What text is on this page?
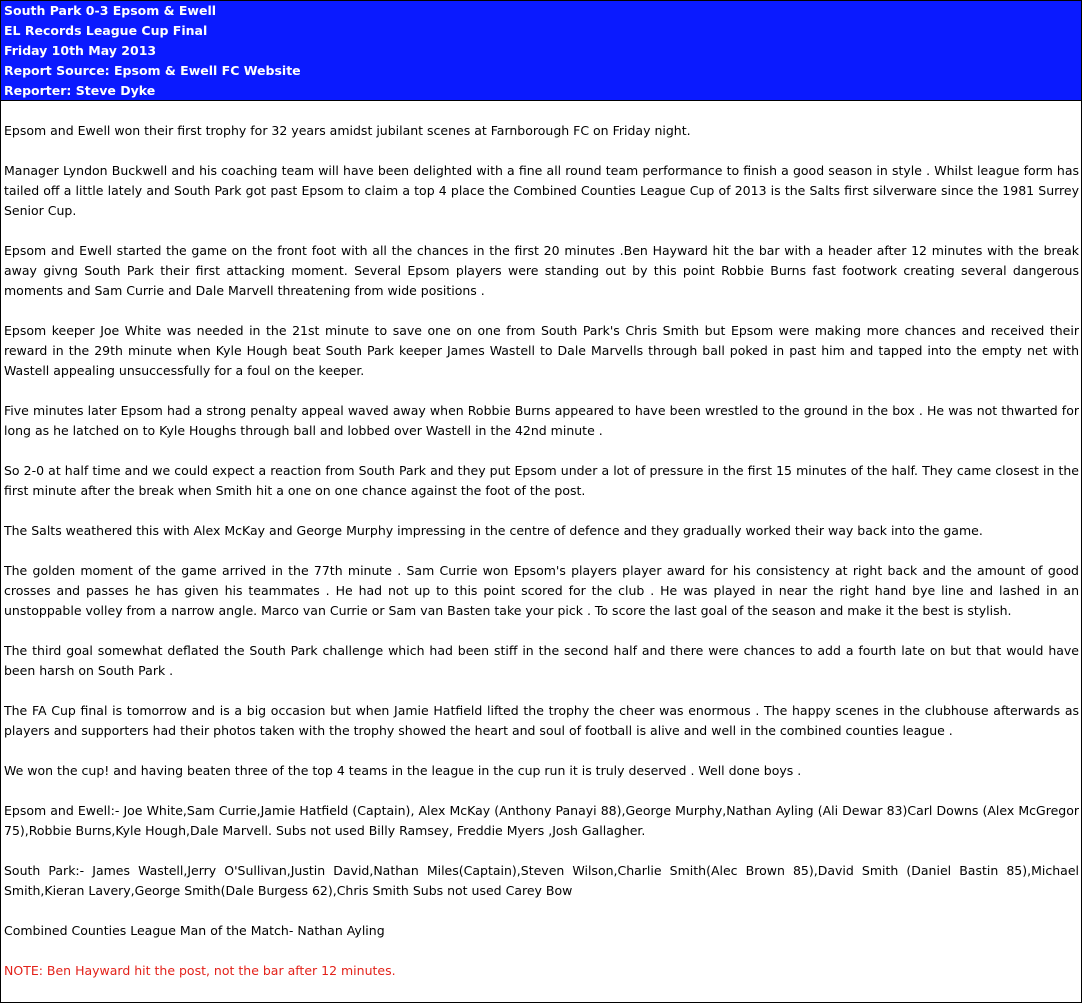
South Park 0-3 Epsom & Ewell
EL Records League Cup Final
Friday 10th May 2013
Report Source: Epsom & Ewell FC Website
Reporter: Steve Dyke

Epsom and Ewell won their first trophy for 32 years amidst jubilant scenes at Farnborough FC on Friday night.

Manager Lyndon Buckwell and his coaching team will have been delighted with a fine all round team performance to finish a good season in style . Whilst league form has tailed off a little lately and South Park got past Epsom to claim a top 4 place the Combined Counties League Cup of 2013 is the Salts first silverware since the 1981 Surrey Senior Cup.

Epsom and Ewell started the game on the front foot with all the chances in the first 20 minutes .Ben Hayward hit the bar with a header after 12 minutes with the break away givng South Park their first attacking moment. Several Epsom players were standing out by this point Robbie Burns fast footwork creating several dangerous moments and Sam Currie and Dale Marvell threatening from wide positions .

Epsom keeper Joe White was needed in the 21st minute to save one on one from South Park's Chris Smith but Epsom were making more chances and received their reward in the 29th minute when Kyle Hough beat South Park keeper James Wastell to Dale Marvells through ball poked in past him and tapped into the empty net with Wastell appealing unsuccessfully for a foul on the keeper.

Five minutes later Epsom had a strong penalty appeal waved away when Robbie Burns appeared to have been wrestled to the ground in the box . He was not thwarted for long as he latched on to Kyle Houghs through ball and lobbed over Wastell in the 42nd minute .

So 2-0 at half time and we could expect a reaction from South Park and they put Epsom under a lot of pressure in the first 15 minutes of the half. They came closest in the first minute after the break when Smith hit a one on one chance against the foot of the post.

The Salts weathered this with Alex McKay and George Murphy impressing in the centre of defence and they gradually worked their way back into the game.

The golden moment of the game arrived in the 77th minute . Sam Currie won Epsom's players player award for his consistency at right back and the amount of good crosses and passes he has given his teammates . He had not up to this point scored for the club . He was played in near the right hand bye line and lashed in an unstoppable volley from a narrow angle. Marco van Currie or Sam van Basten take your pick . To score the last goal of the season and make it the best is stylish.

The third goal somewhat deflated the South Park challenge which had been stiff in the second half and there were chances to add a fourth late on but that would have been harsh on South Park .

The FA Cup final is tomorrow and is a big occasion but when Jamie Hatfield lifted the trophy the cheer was enormous . The happy scenes in the clubhouse afterwards as players and supporters had their photos taken with the trophy showed the heart and soul of football is alive and well in the combined counties league .

We won the cup! and having beaten three of the top 4 teams in the league in the cup run it is truly deserved . Well done boys .

Epsom and Ewell:- Joe White,Sam Currie,Jamie Hatfield (Captain), Alex McKay (Anthony Panayi 88),George Murphy,Nathan Ayling (Ali Dewar 83)Carl Downs (Alex McGregor 75),Robbie Burns,Kyle Hough,Dale Marvell. Subs not used Billy Ramsey, Freddie Myers ,Josh Gallagher.

South Park:- James Wastell,Jerry O'Sullivan,Justin David,Nathan Miles(Captain),Steven Wilson,Charlie Smith(Alec Brown 85),David Smith (Daniel Bastin 85),Michael Smith,Kieran Lavery,George Smith(Dale Burgess 62),Chris Smith Subs not used Carey Bow

Combined Counties League Man of the Match- Nathan Ayling

NOTE: Ben Hayward hit the post, not the bar after 12 minutes.
